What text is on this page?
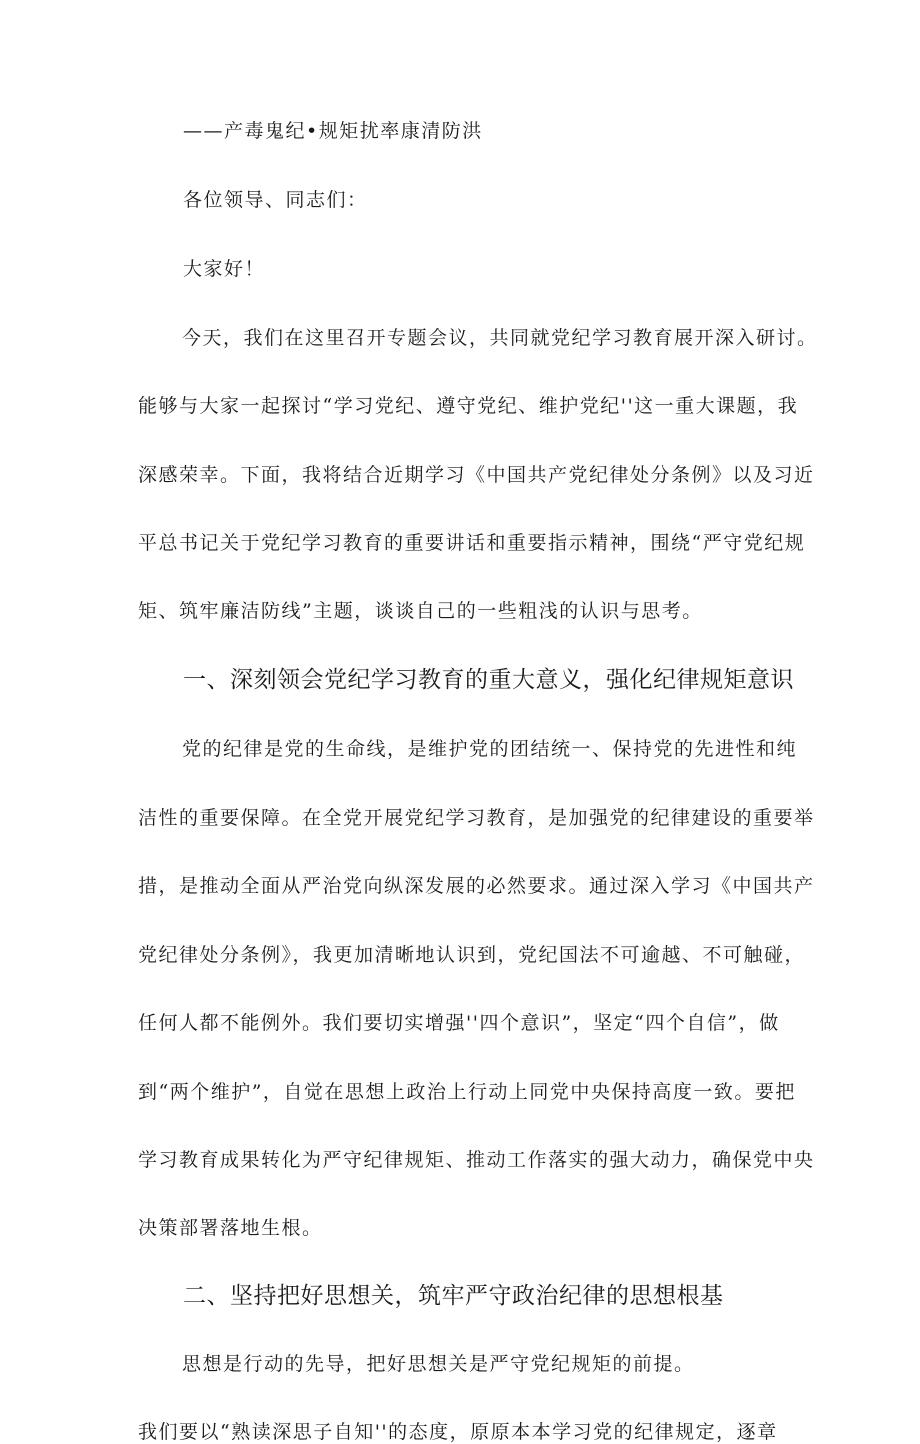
——产毒鬼纪•规矩扰率康清防洪
各位领导、同志们：
大家好！
今天，我们在这里召开专题会议，共同就党纪学习教育展开深入研讨。
能够与大家一起探讨“学习党纪、遵守党纪、维护党纪''这一重大课题，我
深感荣幸。下面，我将结合近期学习《中国共产党纪律处分条例》以及习近
平总书记关于党纪学习教育的重要讲话和重要指示精神，围绕“严守党纪规
矩、筑牢廉洁防线”主题，谈谈自己的一些粗浅的认识与思考。
一、深刻领会党纪学习教育的重大意义，强化纪律规矩意识
党的纪律是党的生命线，是维护党的团结统一、保持党的先进性和纯
洁性的重要保障。在全党开展党纪学习教育，是加强党的纪律建设的重要举
措，是推动全面从严治党向纵深发展的必然要求。通过深入学习《中国共产
党纪律处分条例》，我更加清晰地认识到，党纪国法不可逾越、不可触碰，
任何人都不能例外。我们要切实增强''四个意识”，坚定“四个自信”，做
到“两个维护”，自觉在思想上政治上行动上同党中央保持高度一致。要把
学习教育成果转化为严守纪律规矩、推动工作落实的强大动力，确保党中央
决策部署落地生根。
二、坚持把好思想关，筑牢严守政治纪律的思想根基
思想是行动的先导，把好思想关是严守党纪规矩的前提。
我们要以“熟读深思子自知''的态度，原原本本学习党的纪律规定，逐章
